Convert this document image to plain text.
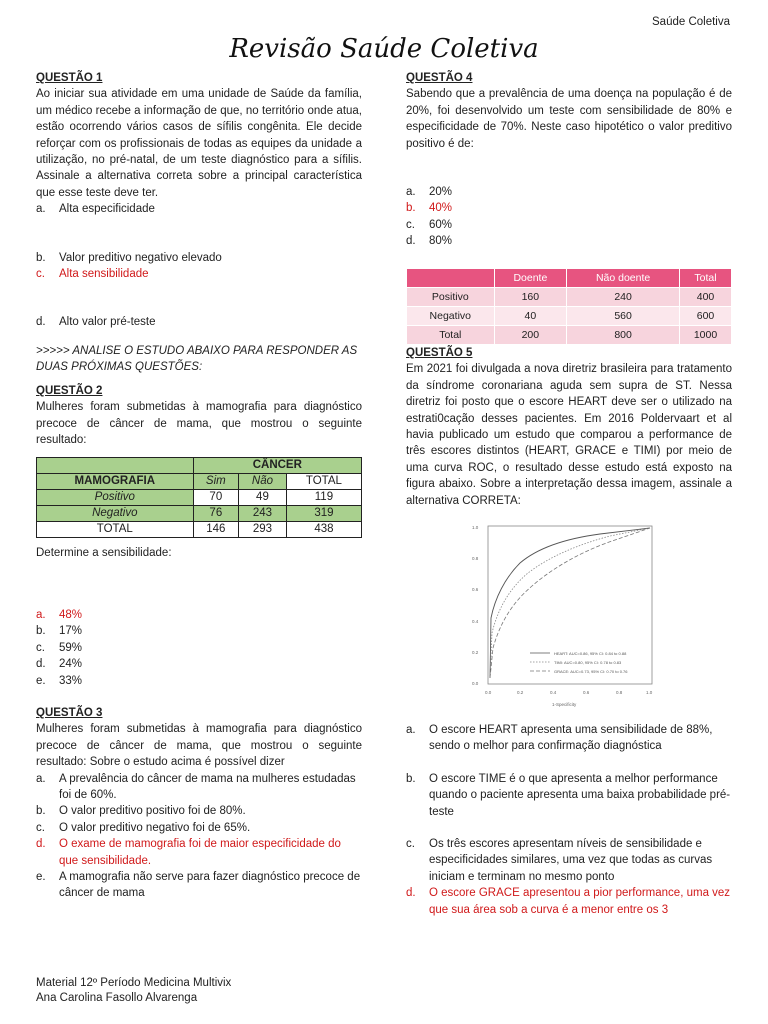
Saúde Coletiva
Revisão Saúde Coletiva

QUESTÃO 1

Ao iniciar sua atividade em uma unidade de Saúde da família, um médico recebe a informação de que, no território onde atua, estão ocorrendo vários casos de sífilis congênita. Ele decide reforçar com os profissionais de todas as equipes da unidade a utilização, no pré-natal, de um teste diagnóstico para a sífilis. Assinale a alternativa correta sobre a principal característica que esse teste deve ter.

a.	Alta especificidade
b.	Valor preditivo negativo elevado
c.	Alta sensibilidade
d.	Alto valor pré-teste

>>>>> ANALISE O ESTUDO ABAIXO PARA RESPONDER AS DUAS PRÓXIMAS QUESTÕES:

QUESTÃO 2

Mulheres foram submetidas à mamografia para diagnóstico precoce de câncer de mama, que mostrou o seguinte resultado:

	CÂNCER		
MAMOGRAFIA	Sim	Não	TOTAL
Positivo	70	49	119
Negativo	76	243	319
TOTAL	146	293	438

Determine a sensibilidade:

a.	48%
b.	17%
c.	59%
d.	24%
e.	33%

QUESTÃO 3

Mulheres foram submetidas à mamografia para diagnóstico precoce de câncer de mama, que mostrou o seguinte resultado: Sobre o estudo acima é possível dizer

a.	A prevalência do câncer de mama na mulheres estudadas foi de 60%.
b.	O valor preditivo positivo foi de 80%.
c.	O valor preditivo negativo foi de 65%.
d.	O exame de mamografia foi de maior especificidade do que sensibilidade.
e.	A mamografia não serve para fazer diagnóstico precoce de câncer de mama

QUESTÃO 4

Sabendo que a prevalência de uma doença na população é de 20%, foi desenvolvido um teste com sensibilidade de 80% e especificidade de 70%. Neste caso hipotético o valor preditivo positivo é de:

a.	20%
b.	40%
c.	60%
d.	80%
	Doente	Não doente	Total
Positivo	160	240	400
Negativo	40	560	600
Total	200	800	1000

QUESTÃO 5

Em 2021 foi divulgada a nova diretriz brasileira para tratamento da síndrome coronariana aguda sem supra de ST. Nessa diretriz foi posto que o escore HEART deve ser o utilizado na estrati0cação desses pacientes. Em 2016 Poldervaart et al havia publicado um estudo que comparou a performance de três escores distintos (HEART, GRACE e TIMI) por meio de uma curva ROC, o resultado desse estudo está exposto na figura abaixo. Sobre a interpretação dessa imagem, assinale a alternativa CORRETA:

0.0
0.2
0.4
0.6
0.8
1.0
0.0	0.2	0.4	0.6	0.8	1.0
1-Specificity
HEART: AUC=0.86, 95% CI: 0.84 to 0.88
TIMI: AUC=0.80, 95% CI: 0.78 to 0.83
GRACE: AUC=0.73, 95% CI: 0.70 to 0.76
a.	O escore HEART apresenta uma sensibilidade de 88%, sendo o melhor para confirmação diagnóstica
b.	O escore TIME é o que apresenta a melhor performance quando o paciente apresenta uma baixa probabilidade pré-teste
c.	Os três escores apresentam níveis de sensibilidade e especificidades similares, uma vez que todas as curvas iniciam e terminam no mesmo ponto
d.	O escore GRACE apresentou a pior performance, uma vez que sua área sob a curva é a menor entre os 3
Material 12º Período Medicina Multivix
Ana Carolina Fasollo Alvarenga
